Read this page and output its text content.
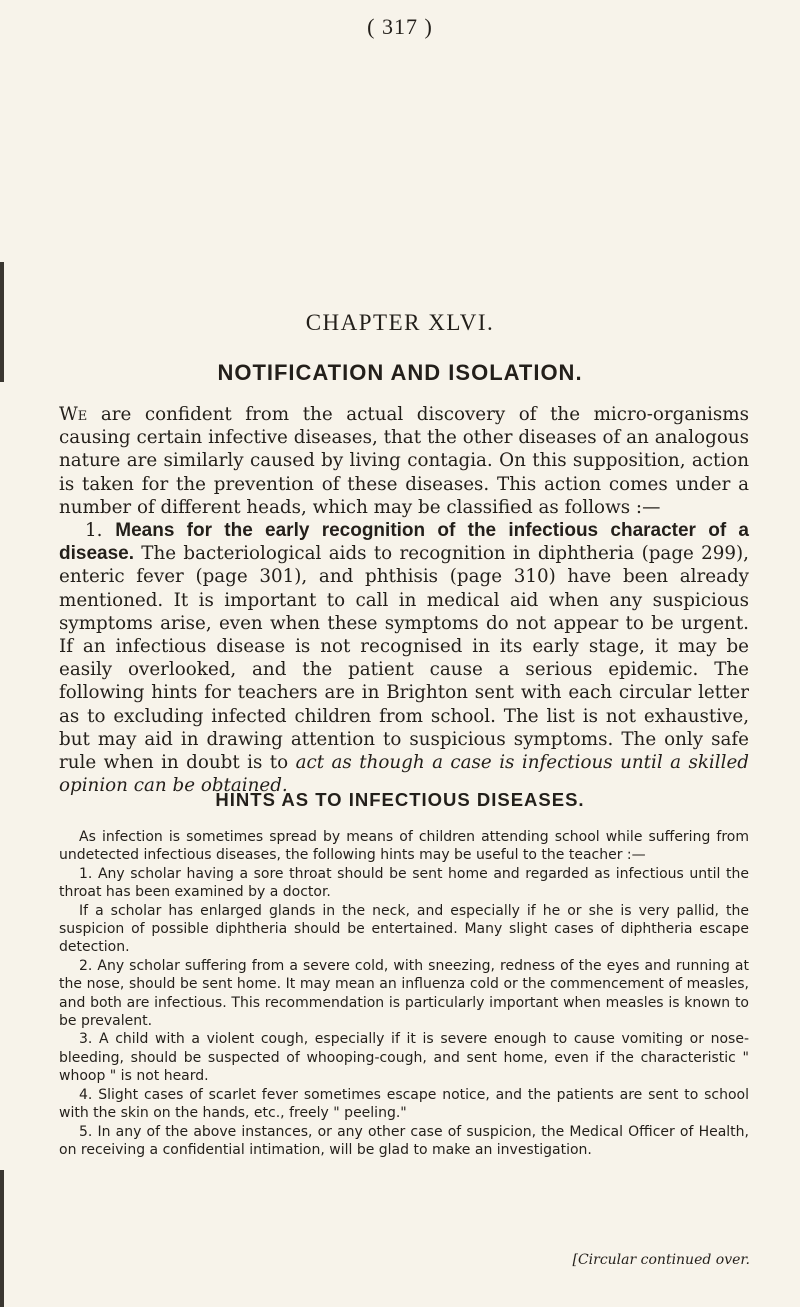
( 317 )
CHAPTER XLVI.
NOTIFICATION AND ISOLATION.

We are confident from the actual discovery of the micro-organisms causing certain infective diseases, that the other diseases of an analogous nature are similarly caused by living contagia. On this supposition, action is taken for the prevention of these diseases. This action comes under a number of different heads, which may be classified as follows :—

1. Means for the early recognition of the infectious character of a disease. The bacteriological aids to recognition in diphtheria (page 299), enteric fever (page 301), and phthisis (page 310) have been already mentioned. It is important to call in medical aid when any suspicious symptoms arise, even when these symptoms do not appear to be urgent. If an infectious disease is not recognised in its early stage, it may be easily overlooked, and the patient cause a serious epidemic. The following hints for teachers are in Brighton sent with each circular letter as to excluding infected children from school. The list is not exhaustive, but may aid in drawing attention to suspicious symptoms. The only safe rule when in doubt is to act as though a case is infectious until a skilled opinion can be obtained.

HINTS AS TO INFECTIOUS DISEASES.

As infection is sometimes spread by means of children attending school while suffering from undetected infectious diseases, the following hints may be useful to the teacher :—

1. Any scholar having a sore throat should be sent home and regarded as infectious until the throat has been examined by a doctor.

If a scholar has enlarged glands in the neck, and especially if he or she is very pallid, the suspicion of possible diphtheria should be entertained. Many slight cases of diphtheria escape detection.

2. Any scholar suffering from a severe cold, with sneezing, redness of the eyes and running at the nose, should be sent home. It may mean an influenza cold or the commencement of measles, and both are infectious. This recommendation is particularly important when measles is known to be prevalent.

3. A child with a violent cough, especially if it is severe enough to cause vomiting or nose-bleeding, should be suspected of whooping-cough, and sent home, even if the characteristic " whoop " is not heard.

4. Slight cases of scarlet fever sometimes escape notice, and the patients are sent to school with the skin on the hands, etc., freely " peeling."

5. In any of the above instances, or any other case of suspicion, the Medical Officer of Health, on receiving a confidential intimation, will be glad to make an investigation.

[Circular continued over.
